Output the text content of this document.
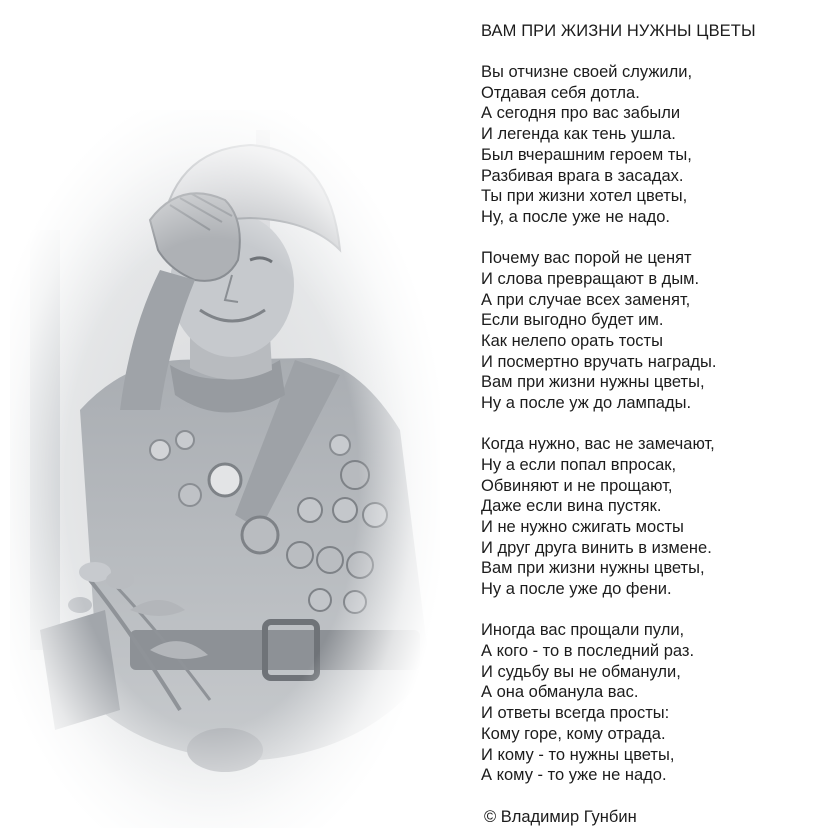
ВАМ ПРИ ЖИЗНИ НУЖНЫ ЦВЕТЫ
Вы отчизне своей служили,
Отдавая себя дотла.
А сегодня про вас забыли
И легенда как тень ушла.
Был вчерашним героем ты,
Разбивая врага в засадах.
Ты при жизни хотел цветы,
Ну, а после уже не надо.
Почему вас порой не ценят
И слова превращают в дым.
А при случае всех заменят,
Если выгодно будет им.
Как нелепо орать тосты
И посмертно вручать награды.
Вам при жизни нужны цветы,
Ну а после уж до лампады.
Когда нужно, вас не замечают,
Ну а если попал впросак,
Обвиняют и не прощают,
Даже если вина пустяк.
И не нужно сжигать мосты
И друг друга винить в измене.
Вам при жизни нужны цветы,
Ну а после уже до фени.
Иногда вас прощали пули,
А кого - то в последний раз.
И судьбу вы не обманули,
А она обманула вас.
И ответы всегда просты:
Кому горе, кому отрада.
И кому - то нужны цветы,
А кому - то уже не надо.
© Владимир Гунбин
